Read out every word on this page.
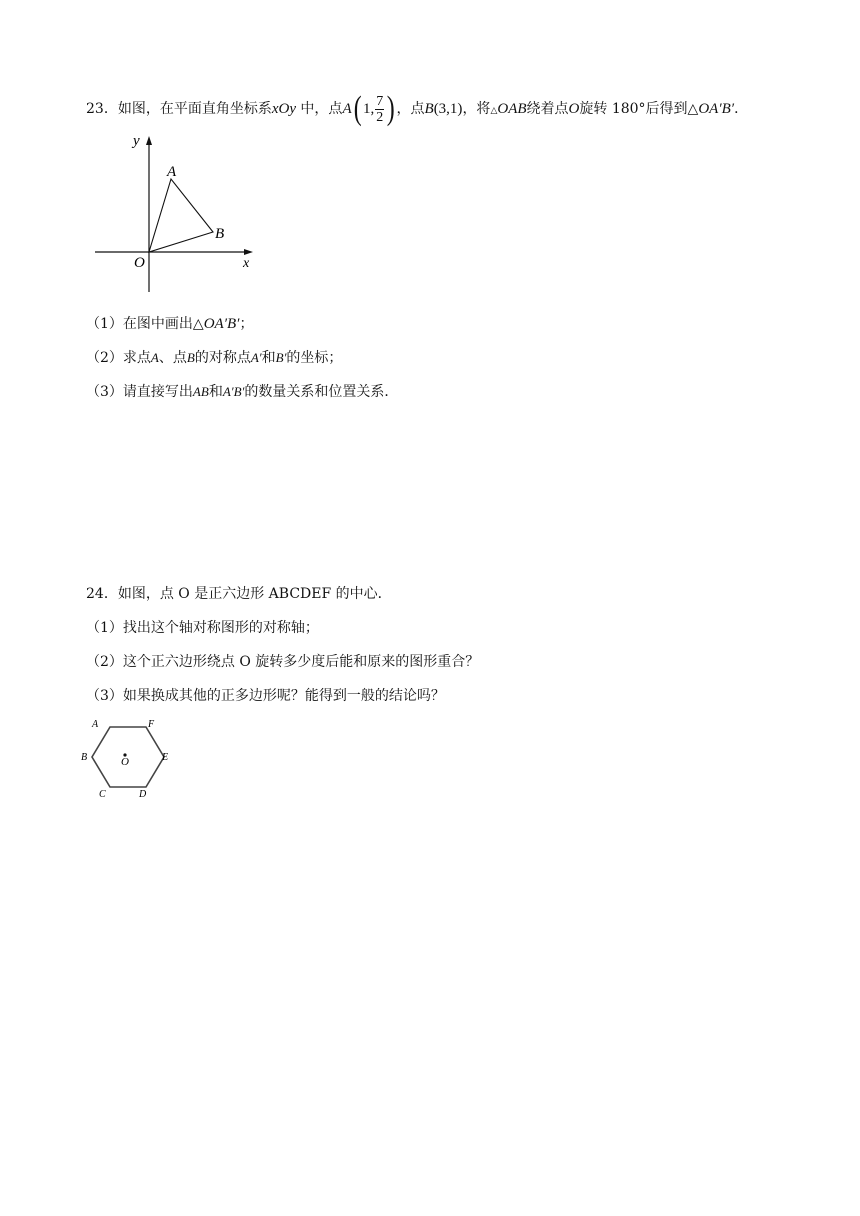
23．如图，在平面直角坐标系xOy 中，点A( 1, $\frac{7}{2}$ ) ，点B(3,1)，将△OAB绕着点O旋转 180°后得到△OA′B′．
y
x
O
A
B
（1）在图中画出△OA′B′；
（2）求点A、点B的对称点A′和B′的坐标；
（3）请直接写出AB和A′B′的数量关系和位置关系．
24．如图，点 O 是正六边形 ABCDEF 的中心．
（1）找出这个轴对称图形的对称轴；
（2）这个正六边形绕点 O 旋转多少度后能和原来的图形重合？
（3）如果换成其他的正多边形呢？能得到一般的结论吗？
O
A	F
B	E
C	D
